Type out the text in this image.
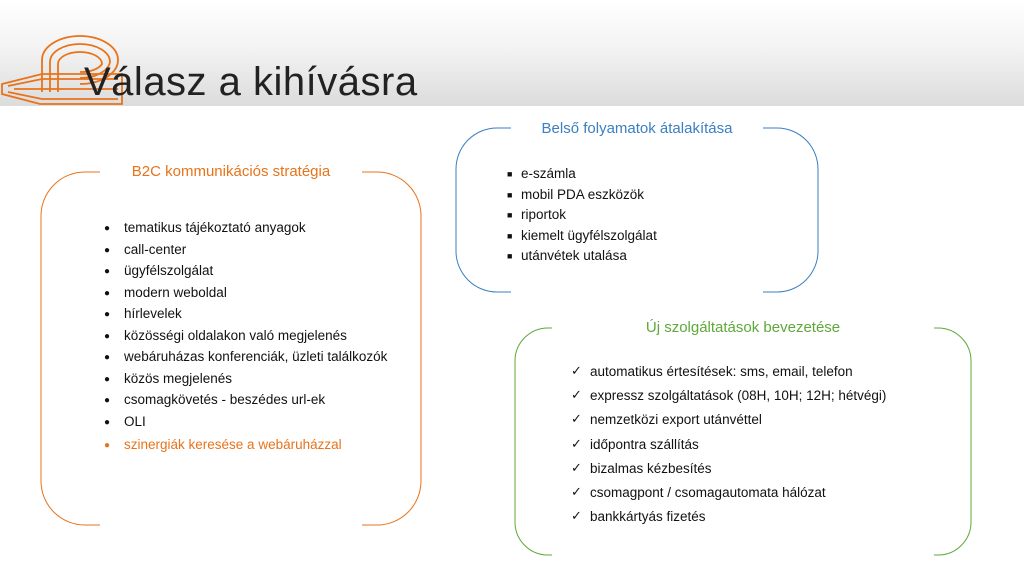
Válasz a kihívásra
B2C kommunikációs stratégia
● tematikus tájékoztató anyagok
● call-center
● ügyfélszolgálat
● modern weboldal
● hírlevelek
● közösségi oldalakon való megjelenés
● webáruházas konferenciák, üzleti találkozók
● közös megjelenés
● csomagkövetés - beszédes url-ek
● OLI
● szinergiák keresése a webáruházzal
Belső folyamatok átalakítása
■ e-számla
■ mobil PDA eszközök
■ riportok
■ kiemelt ügyfélszolgálat
■ utánvétek utalása
Új szolgáltatások bevezetése
✓ automatikus értesítések: sms, email, telefon
✓ expressz szolgáltatások (08H, 10H; 12H; hétvégi)
✓ nemzetközi export utánvéttel
✓ időpontra szállítás
✓ bizalmas kézbesítés
✓ csomagpont / csomagautomata hálózat
✓ bankkártyás fizetés
